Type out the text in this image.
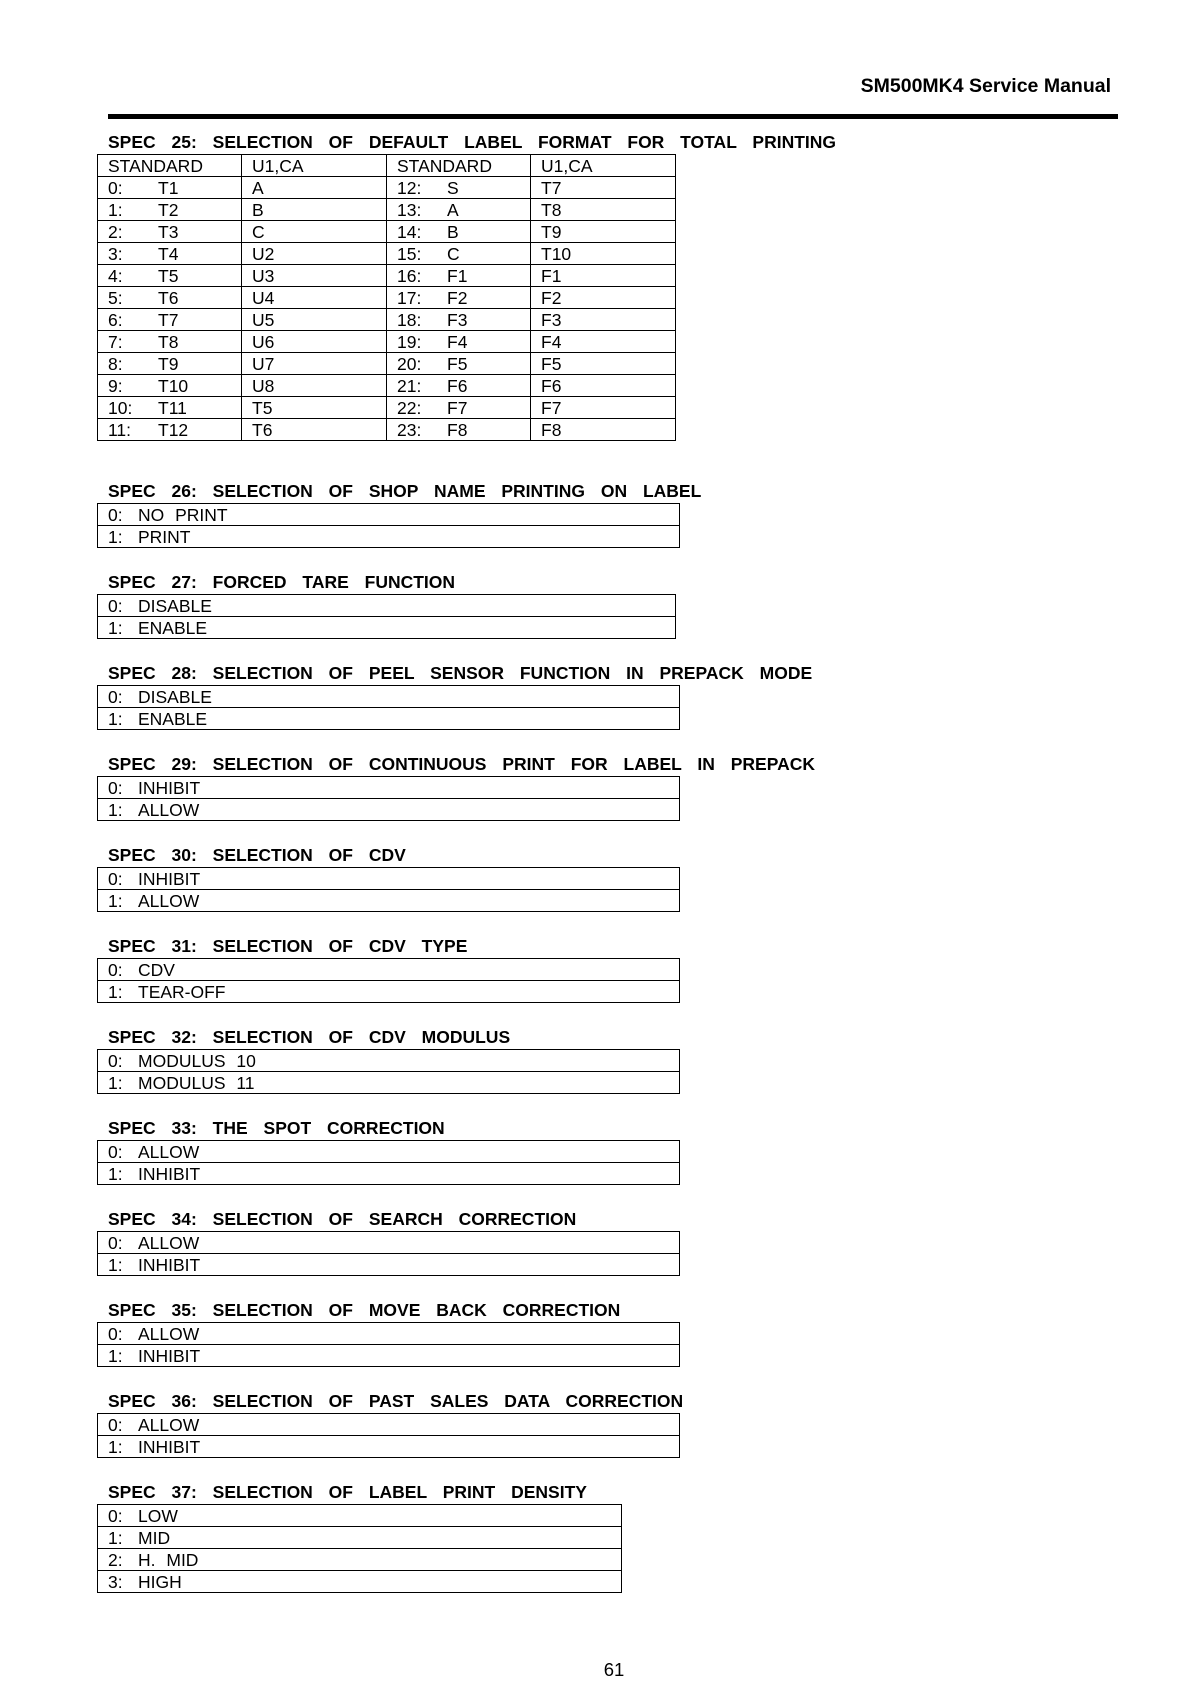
SM500MK4 Service Manual
SPEC 25: SELECTION OF DEFAULT LABEL FORMAT FOR TOTAL PRINTING
STANDARD	U1,CA	STANDARD	U1,CA
0: T1	A	12: S	T7
1: T2	B	13: A	T8
2: T3	C	14: B	T9
3: T4	U2	15: C	T10
4: T5	U3	16: F1	F1
5: T6	U4	17: F2	F2
6: T7	U5	18: F3	F3
7: T8	U6	19: F4	F4
8: T9	U7	20: F5	F5
9: T10	U8	21: F6	F6
10: T11	T5	22: F7	F7
11: T12	T6	23: F8	F8
SPEC 26: SELECTION OF SHOP NAME PRINTING ON LABEL
0: NO PRINT
1: PRINT
SPEC 27: FORCED TARE FUNCTION
0: DISABLE
1: ENABLE
SPEC 28: SELECTION OF PEEL SENSOR FUNCTION IN PREPACK MODE
0: DISABLE
1: ENABLE
SPEC 29: SELECTION OF CONTINUOUS PRINT FOR LABEL IN PREPACK
0: INHIBIT
1: ALLOW
SPEC 30: SELECTION OF CDV
0: INHIBIT
1: ALLOW
SPEC 31: SELECTION OF CDV TYPE
0: CDV
1: TEAR-OFF
SPEC 32: SELECTION OF CDV MODULUS
0: MODULUS 10
1: MODULUS 11
SPEC 33: THE SPOT CORRECTION
0: ALLOW
1: INHIBIT
SPEC 34: SELECTION OF SEARCH CORRECTION
0: ALLOW
1: INHIBIT
SPEC 35: SELECTION OF MOVE BACK CORRECTION
0: ALLOW
1: INHIBIT
SPEC 36: SELECTION OF PAST SALES DATA CORRECTION
0: ALLOW
1: INHIBIT
SPEC 37: SELECTION OF LABEL PRINT DENSITY
0: LOW
1: MID
2: H. MID
3: HIGH
61
